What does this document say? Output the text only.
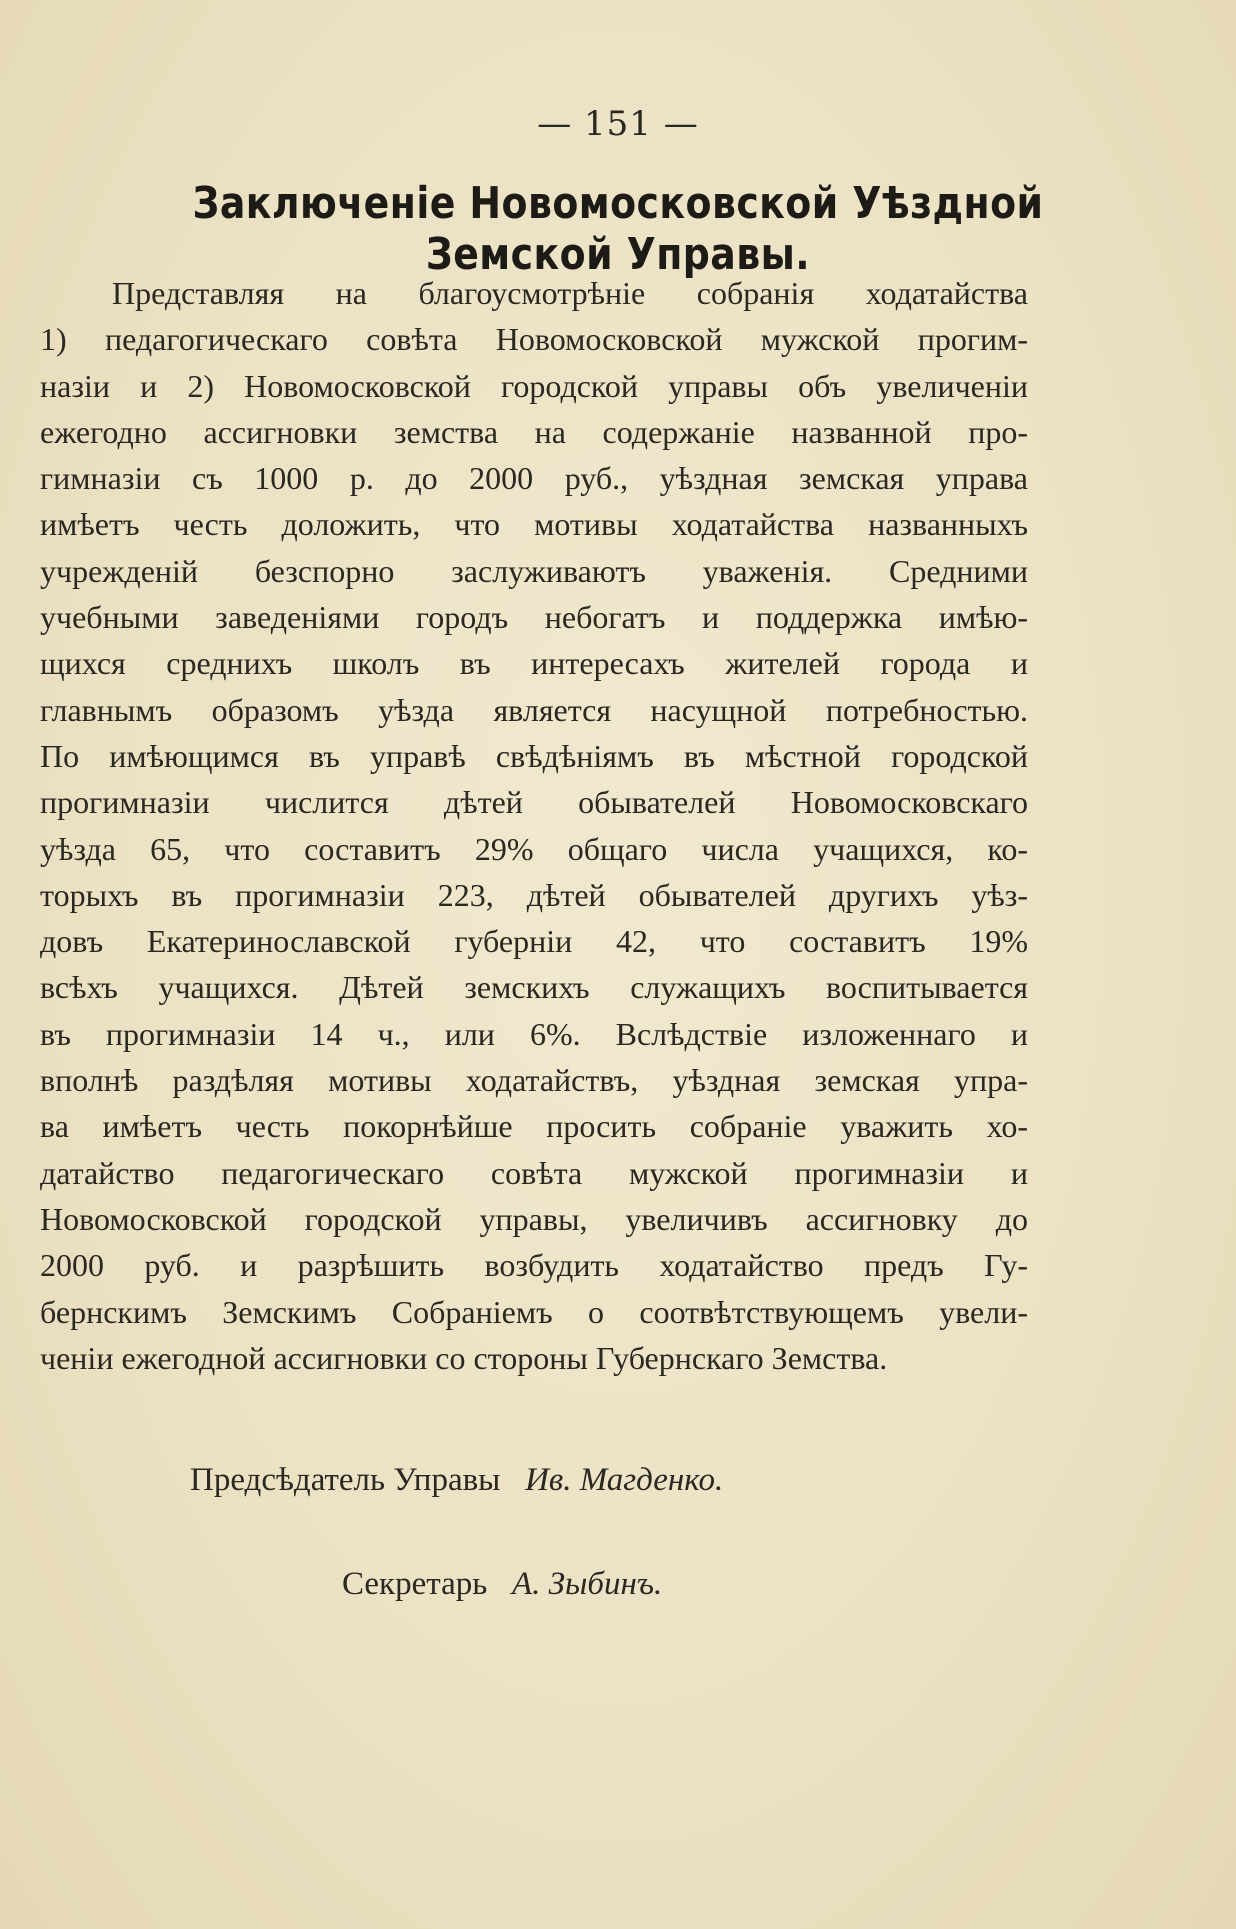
— 151 —
Заключеніе Новомосковской Уѣздной Земской Управы.
Представляя на благоусмотрѣніе собранія ходатайства
1) педагогическаго совѣта Новомосковской мужской прогим-
назіи и 2) Новомосковской городской управы объ увеличеніи
ежегодно ассигновки земства на содержаніе названной про-
гимназіи съ 1000 р. до 2000 руб., уѣздная земская управа
имѣетъ честь доложить, что мотивы ходатайства названныхъ
учрежденій безспорно заслуживаютъ уваженія. Средними
учебными заведеніями городъ небогатъ и поддержка имѣю-
щихся среднихъ школъ въ интересахъ жителей города и
главнымъ образомъ уѣзда является насущной потребностью.
По имѣющимся въ управѣ свѣдѣніямъ въ мѣстной городской
прогимназіи числится дѣтей обывателей Новомосковскаго
уѣзда 65, что составитъ 29% общаго числа учащихся, ко-
торыхъ въ прогимназіи 223, дѣтей обывателей другихъ уѣз-
довъ Екатеринославской губерніи 42, что составитъ 19%
всѣхъ учащихся. Дѣтей земскихъ служащихъ воспитывается
въ прогимназіи 14 ч., или 6%. Вслѣдствіе изложеннаго и
вполнѣ раздѣляя мотивы ходатайствъ, уѣздная земская упра-
ва имѣетъ честь покорнѣйше просить собраніе уважить хо-
датайство педагогическаго совѣта мужской прогимназіи и
Новомосковской городской управы, увеличивъ ассигновку до
2000 руб. и разрѣшить возбудить ходатайство предъ Гу-
бернскимъ Земскимъ Собраніемъ о соотвѣтствующемъ увели-
ченіи ежегодной ассигновки со стороны Губернскаго Земства.
Предсѣдатель Управы Ив. Магденко.
Секретарь А. Зыбинъ.
